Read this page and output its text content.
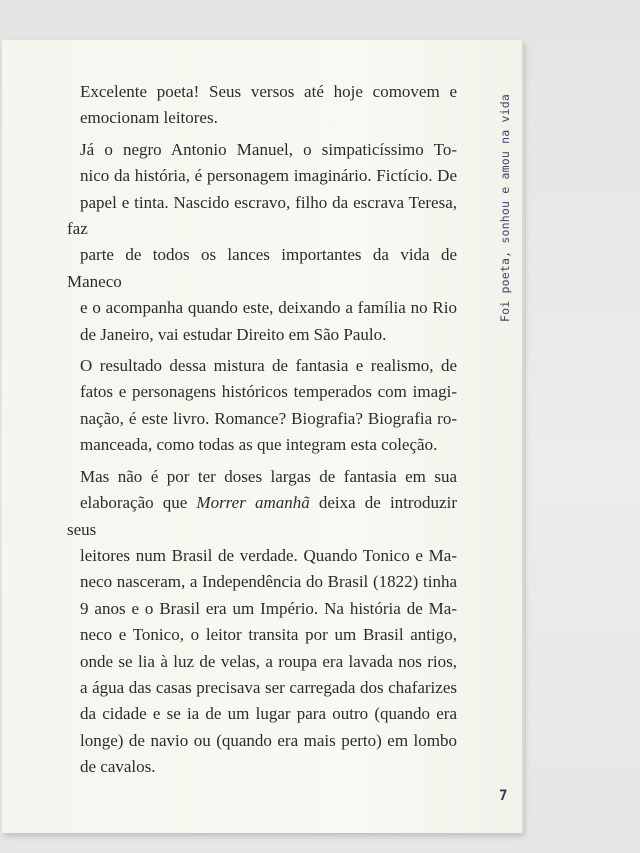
Foi poeta, sonhou e amou na vida

Excelente poeta! Seus versos até hoje comovem e
emocionam leitores.

Já o negro Antonio Manuel, o simpaticíssimo To-
nico da história, é personagem imaginário. Fictício. De
papel e tinta. Nascido escravo, filho da escrava Teresa, faz
parte de todos os lances importantes da vida de Maneco
e o acompanha quando este, deixando a família no Rio
de Janeiro, vai estudar Direito em São Paulo.

O resultado dessa mistura de fantasia e realismo, de
fatos e personagens históricos temperados com imagi-
nação, é este livro. Romance? Biografia? Biografia ro-
manceada, como todas as que integram esta coleção.

Mas não é por ter doses largas de fantasia em sua
elaboração que Morrer amanhã deixa de introduzir seus
leitores num Brasil de verdade. Quando Tonico e Ma-
neco nasceram, a Independência do Brasil (1822) tinha
9 anos e o Brasil era um Império. Na história de Ma-
neco e Tonico, o leitor transita por um Brasil antigo,
onde se lia à luz de velas, a roupa era lavada nos rios,
a água das casas precisava ser carregada dos chafarizes
da cidade e se ia de um lugar para outro (quando era
longe) de navio ou (quando era mais perto) em lombo
de cavalos.

7
